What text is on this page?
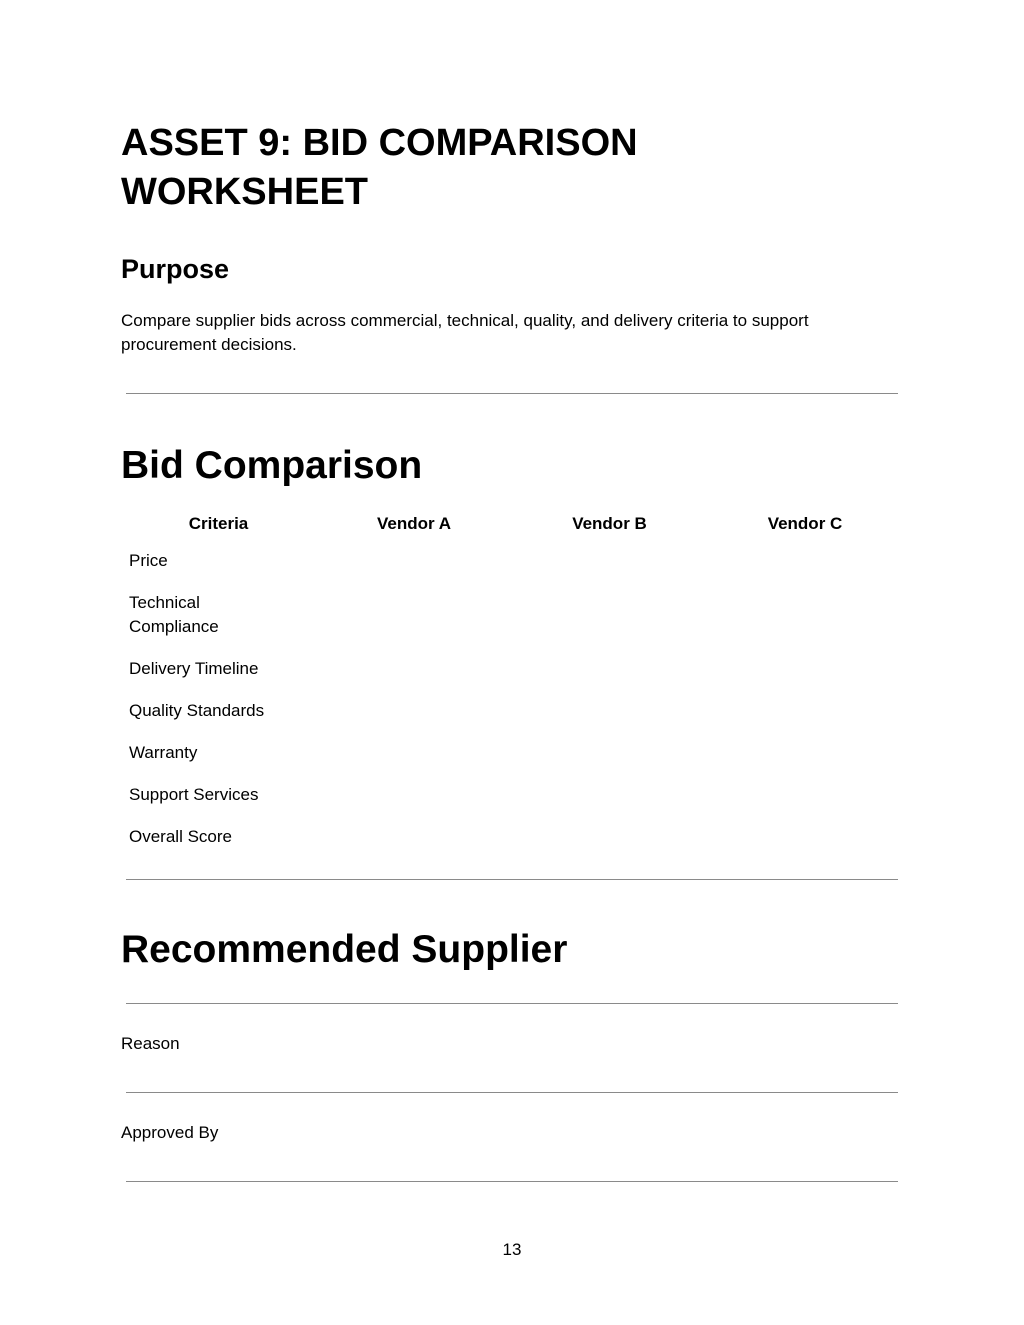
ASSET 9: BID COMPARISON WORKSHEET
Purpose

Compare supplier bids across commercial, technical, quality, and delivery criteria to support procurement decisions.

Bid Comparison
Criteria	Vendor A	Vendor B	Vendor C
Price			
Technical Compliance			
Delivery Timeline			
Quality Standards			
Warranty			
Support Services			
Overall Score			
Recommended Supplier
Reason
Approved By
13
